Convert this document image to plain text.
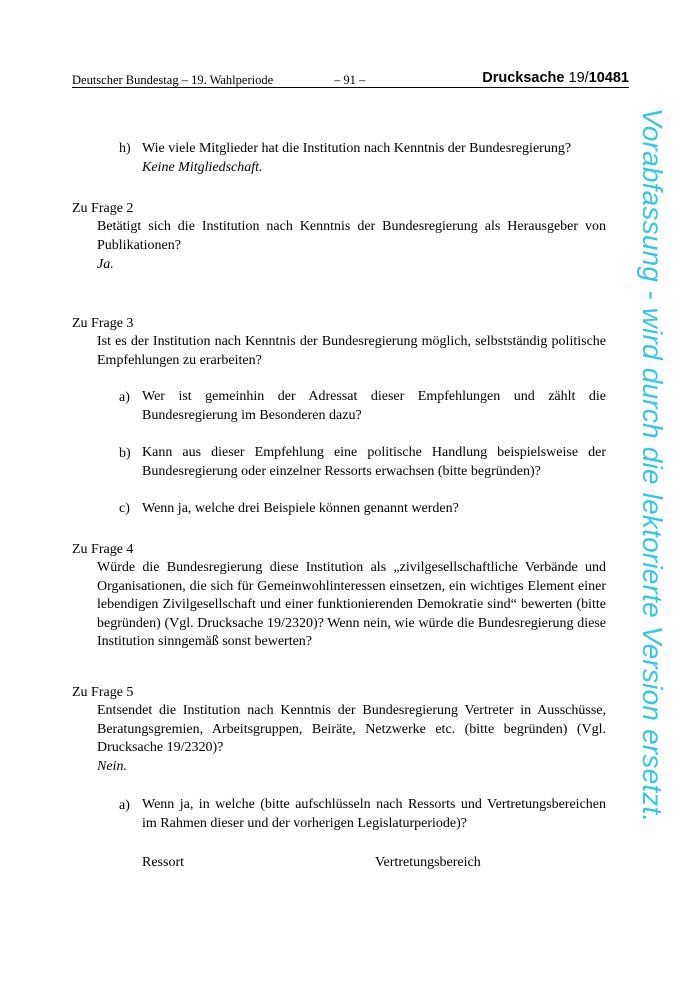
Deutscher Bundestag – 19. Wahlperiode	– 91 –	Drucksache 19/10481
h) Wie viele Mitglieder hat die Institution nach Kenntnis der Bundesregierung?
Keine Mitgliedschaft.
Zu Frage 2
Betätigt sich die Institution nach Kenntnis der Bundesregierung als Herausgeber von Publikationen?
Ja.
Zu Frage 3
Ist es der Institution nach Kenntnis der Bundesregierung möglich, selbstständig politische Empfehlungen zu erarbeiten?
a) Wer ist gemeinhin der Adressat dieser Empfehlungen und zählt die Bundesregierung im Besonderen dazu?
b) Kann aus dieser Empfehlung eine politische Handlung beispielsweise der Bundesregierung oder einzelner Ressorts erwachsen (bitte begründen)?
c) Wenn ja, welche drei Beispiele können genannt werden?
Zu Frage 4
Würde die Bundesregierung diese Institution als „zivilgesellschaftliche Verbände und Organisationen, die sich für Gemeinwohlinteressen einsetzen, ein wichtiges Element einer lebendigen Zivilgesellschaft und einer funktionierenden Demokratie sind“ bewerten (bitte begründen) (Vgl. Drucksache 19/2320)? Wenn nein, wie würde die Bundesregierung diese Institution sinngemäß sonst bewerten?
Zu Frage 5
Entsendet die Institution nach Kenntnis der Bundesregierung Vertreter in Ausschüsse, Beratungsgremien, Arbeitsgruppen, Beiräte, Netzwerke etc. (bitte begründen) (Vgl. Drucksache 19/2320)?
Nein.
a) Wenn ja, in welche (bitte aufschlüsseln nach Ressorts und Vertretungsbereichen im Rahmen dieser und der vorherigen Legislaturperiode)?
Ressort	Vertretungsbereich
Vorabfassung - wird durch die lektorierte Version ersetzt.
